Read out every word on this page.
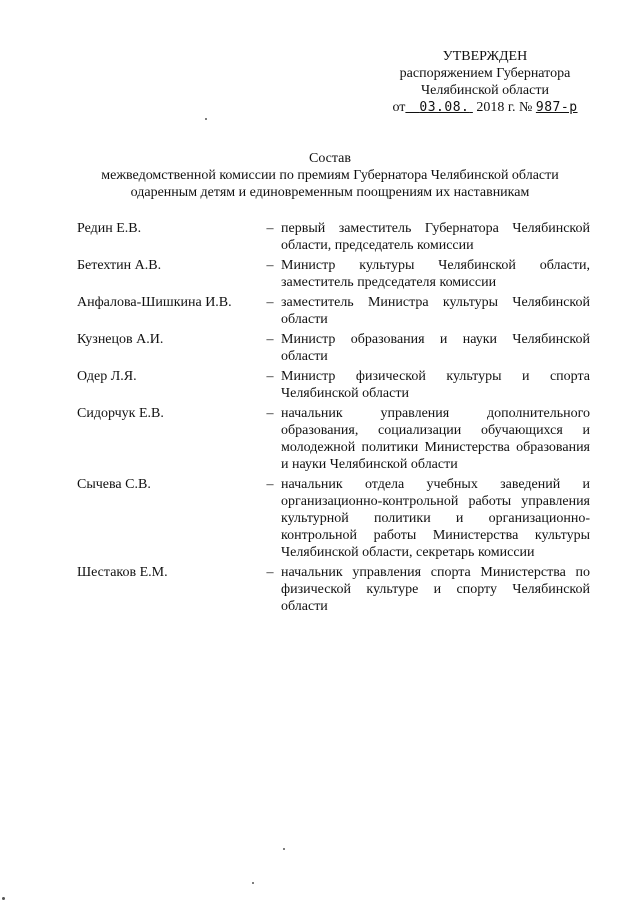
УТВЕРЖДЕН
распоряжением Губернатора
Челябинской области
от 03.08. 2018 г. № 987-р
Состав
межведомственной комиссии по премиям Губернатора Челябинской области
одаренным детям и единовременным поощрениям их наставникам
Редин Е.В.	–	первый заместитель Губернатора Челябинской области, председатель комиссии
Бетехтин А.В.	–	Министр культуры Челябинской области, заместитель председателя комиссии
Анфалова-Шишкина И.В.	–	заместитель Министра культуры Челябинской области
Кузнецов А.И.	–	Министр образования и науки Челябинской области
Одер Л.Я.	–	Министр физической культуры и спорта Челябинской области
Сидорчук Е.В.	–	начальник управления дополнительного образования, социализации обучающихся и молодежной политики Министерства образования и науки Челябинской области
Сычева С.В.	–	начальник отдела учебных заведений и организационно-контрольной работы управления культурной политики и организационно-контрольной работы Министерства культуры Челябинской области, секретарь комиссии
Шестаков Е.М.	–	начальник управления спорта Министерства по физической культуре и спорту Челябинской области
